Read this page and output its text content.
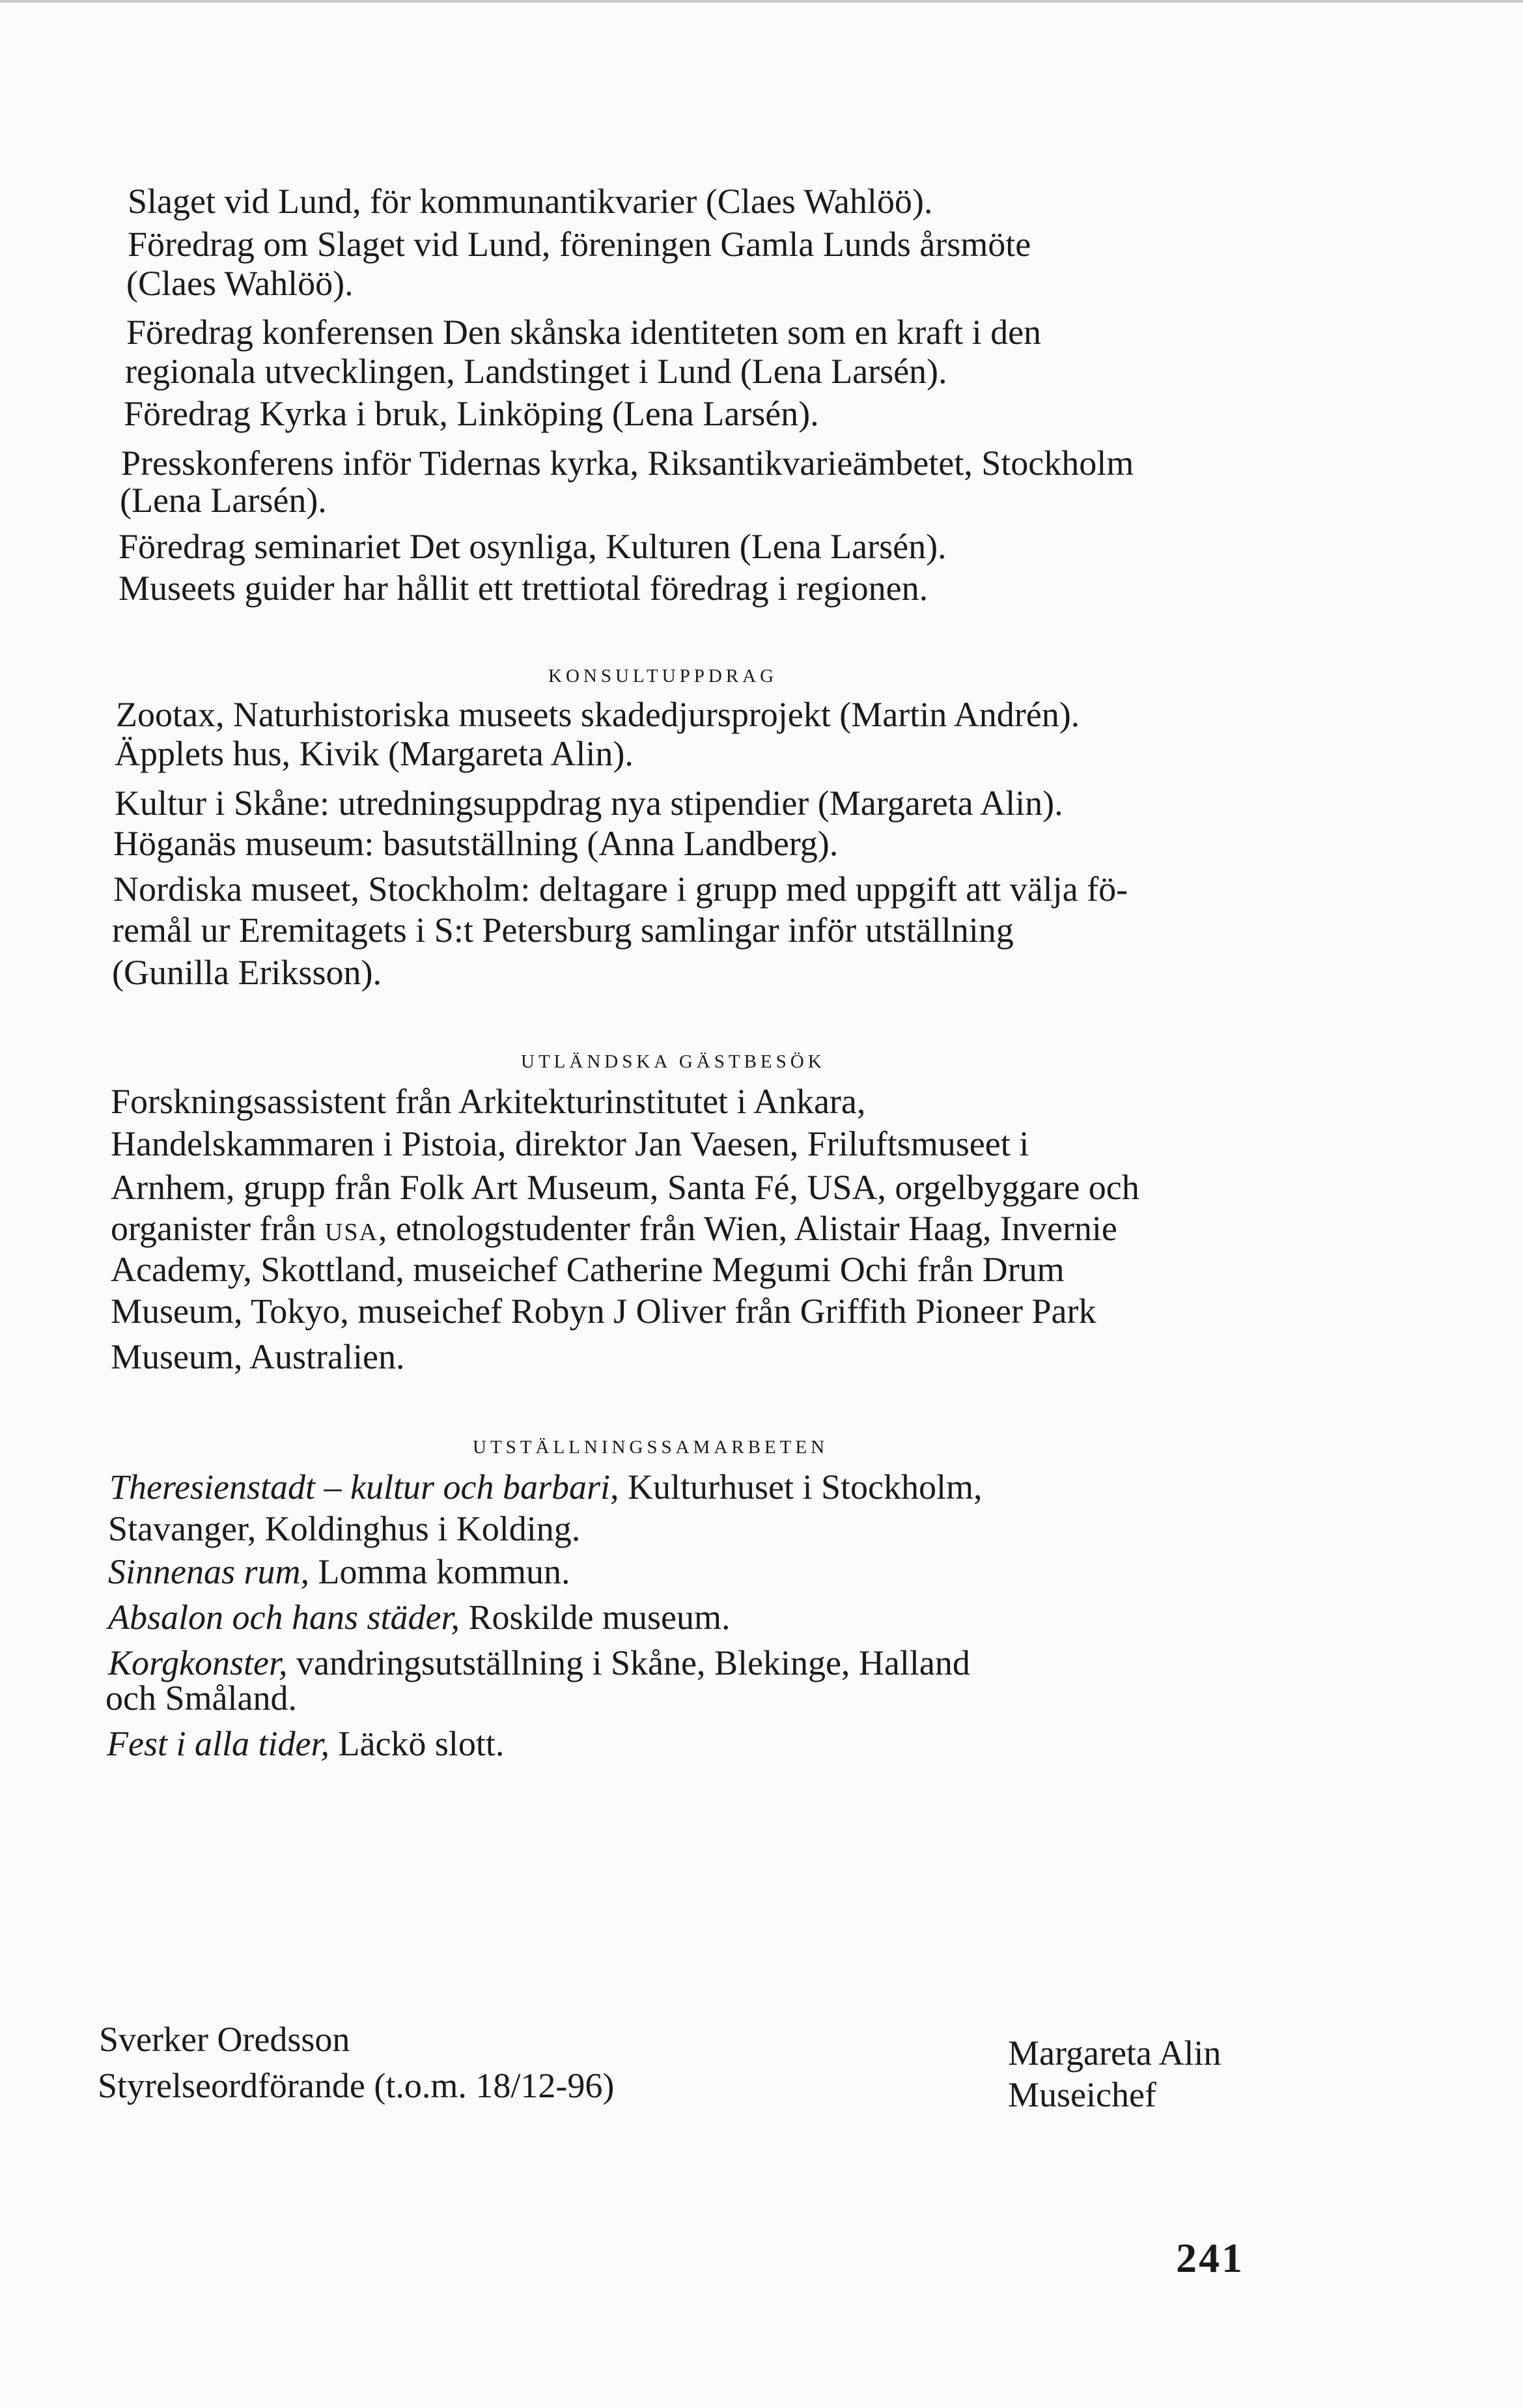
Slaget vid Lund, för kommunantikvarier (Claes Wahlöö).
Föredrag om Slaget vid Lund, föreningen Gamla Lunds årsmöte
(Claes Wahlöö).
Föredrag konferensen Den skånska identiteten som en kraft i den
regionala utvecklingen, Landstinget i Lund (Lena Larsén).
Föredrag Kyrka i bruk, Linköping (Lena Larsén).
Presskonferens inför Tidernas kyrka, Riksantikvarieämbetet, Stockholm
(Lena Larsén).
Föredrag seminariet Det osynliga, Kulturen (Lena Larsén).
Museets guider har hållit ett trettiotal föredrag i regionen.
KONSULTUPPDRAG
Zootax, Naturhistoriska museets skadedjursprojekt (Martin Andrén).
Äpplets hus, Kivik (Margareta Alin).
Kultur i Skåne: utredningsuppdrag nya stipendier (Margareta Alin).
Höganäs museum: basutställning (Anna Landberg).
Nordiska museet, Stockholm: deltagare i grupp med uppgift att välja fö-
remål ur Eremitagets i S:t Petersburg samlingar inför utställning
(Gunilla Eriksson).
UTLÄNDSKA GÄSTBESÖK
Forskningsassistent från Arkitekturinstitutet i Ankara,
Handelskammaren i Pistoia, direktor Jan Vaesen, Friluftsmuseet i
Arnhem, grupp från Folk Art Museum, Santa Fé, USA, orgelbyggare och
organister från USA, etnologstudenter från Wien, Alistair Haag, Invernie
Academy, Skottland, museichef Catherine Megumi Ochi från Drum
Museum, Tokyo, museichef Robyn J Oliver från Griffith Pioneer Park
Museum, Australien.
UTSTÄLLNINGSSAMARBETEN
Theresienstadt – kultur och barbari, Kulturhuset i Stockholm,
Stavanger, Koldinghus i Kolding.
Sinnenas rum, Lomma kommun.
Absalon och hans städer, Roskilde museum.
Korgkonster, vandringsutställning i Skåne, Blekinge, Halland
och Småland.
Fest i alla tider, Läckö slott.
Sverker Oredsson
Styrelseordförande (t.o.m. 18/12-96)
Margareta Alin
Museichef
241
